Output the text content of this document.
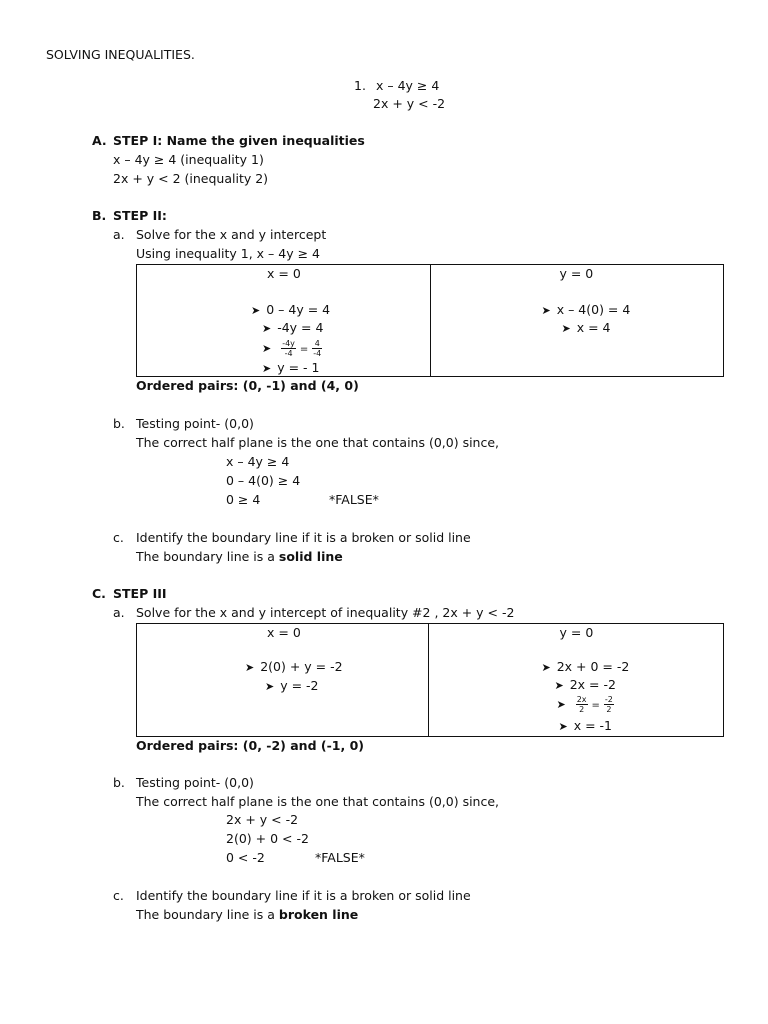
SOLVING INEQUALITIES.
1. x – 4y ≥ 4
2x + y < -2
A. STEP I: Name the given inequalities
x – 4y ≥ 4 (inequality 1)
2x + y < 2 (inequality 2)
B. STEP II:
a. Solve for the x and y intercept
Using inequality 1, x – 4y ≥ 4
x = 0
➤ 0 – 4y = 4
➤ -4y = 4
➤ $\frac{-4y}{-4} = \frac{4}{-4}$
➤ y = - 1

y = 0
➤ x – 4(0) = 4
➤ x = 4
Ordered pairs: (0, -1) and (4, 0)
b. Testing point- (0,0)
The correct half plane is the one that contains (0,0) since,
x – 4y ≥ 4
0 – 4(0) ≥ 4
0 ≥ 4	*FALSE*
c. Identify the boundary line if it is a broken or solid line
The boundary line is a solid line
C. STEP III
a. Solve for the x and y intercept of inequality #2 , 2x + y < -2
x = 0
➤ 2(0) + y = -2
➤ y = -2

y = 0
➤ 2x + 0 = -2
➤ 2x = -2
➤ $\frac{2x}{2} = \frac{-2}{2}$
➤ x = -1
Ordered pairs: (0, -2) and (-1, 0)
b. Testing point- (0,0)
The correct half plane is the one that contains (0,0) since,
2x + y < -2
2(0) + 0 < -2
0 < -2	*FALSE*
c. Identify the boundary line if it is a broken or solid line
The boundary line is a broken line
